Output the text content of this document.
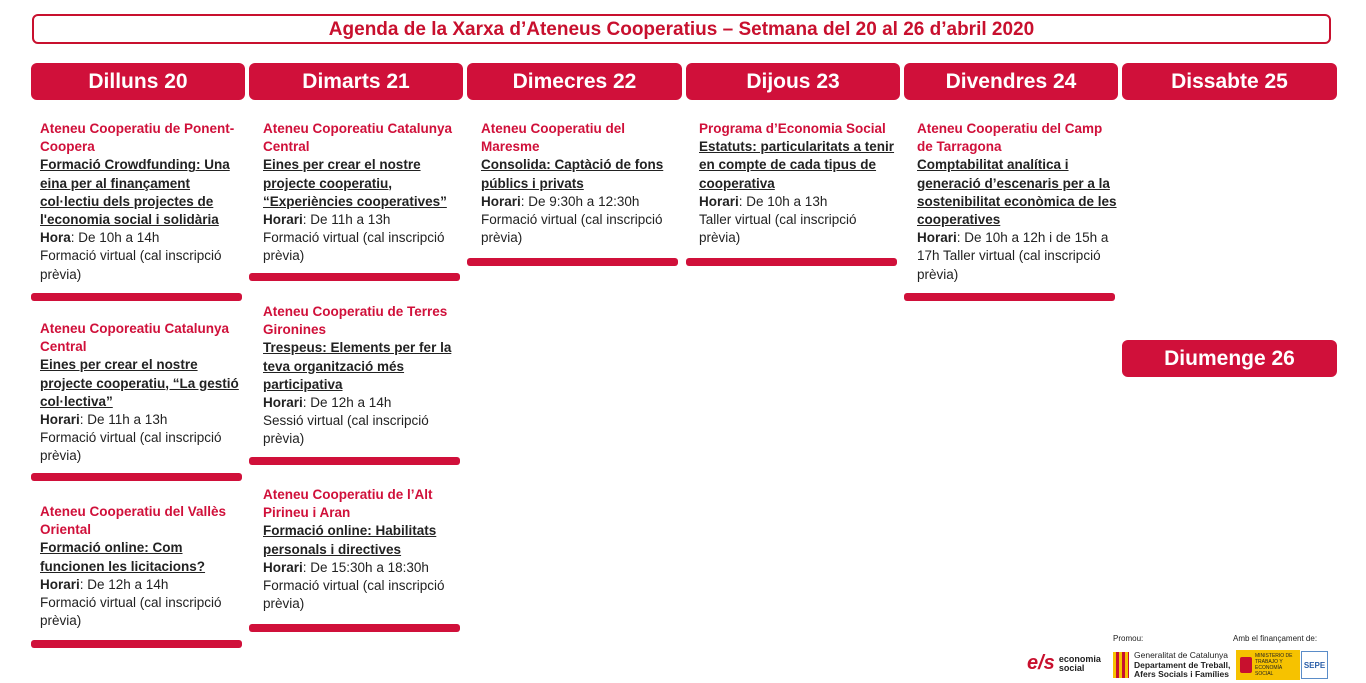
Agenda de la Xarxa d’Ateneus Cooperatius – Setmana del 20 al 26 d’abril 2020
Dilluns 20	Dimarts 21	Dimecres 22	Dijous 23	Divendres 24	Dissabte 25
Diumenge 26
Ateneu Cooperatiu de Ponent-Coopera
Formació Crowdfunding: Una eina per al finançament col·lectiu dels projectes de l'economia social i solidària
Hora: De 10h a 14h
Formació virtual (cal inscripció prèvia)
Ateneu Coporeatiu Catalunya Central
Eines per crear el nostre projecte cooperatiu, “La gestió col·lectiva”
Horari: De 11h a 13h
Formació virtual (cal inscripció prèvia)
Ateneu Cooperatiu del Vallès Oriental
Formació online: Com funcionen les licitacions?
Horari: De 12h a 14h
Formació virtual (cal inscripció prèvia)
Ateneu Coporeatiu Catalunya Central
Eines per crear el nostre projecte cooperatiu, “Experiències cooperatives”
Horari: De 11h a 13h
Formació virtual (cal inscripció prèvia)
Ateneu Cooperatiu de Terres Gironines
Trespeus: Elements per fer la teva organització més participativa
Horari: De 12h a 14h
Sessió virtual (cal inscripció prèvia)
Ateneu Cooperatiu de l’Alt Pirineu i Aran
Formació online: Habilitats personals i directives
Horari: De 15:30h a 18:30h
Formació virtual (cal inscripció prèvia)
Ateneu Cooperatiu del Maresme
Consolida: Captàció de fons públics i privats
Horari: De 9:30h a 12:30h
Formació virtual (cal inscripció prèvia)
Programa d’Economia Social
Estatuts: particularitats a tenir en compte de cada tipus de cooperativa
Horari: De 10h a 13h
Taller virtual (cal inscripció prèvia)
Ateneu Cooperatiu del Camp de Tarragona
Comptabilitat analítica i generació d’escenaris per a la sostenibilitat econòmica de les cooperatives
Horari: De 10h a 12h i de 15h a 17h Taller virtual (cal inscripció prèvia)
Promou:	Amb el finançament de:
e/s economia social
Generalitat de Catalunya
Departament de Treball,
Afers Socials i Famílies
MINISTERIO DE TRABAJO Y ECONOMÍA SOCIAL
SEPE
